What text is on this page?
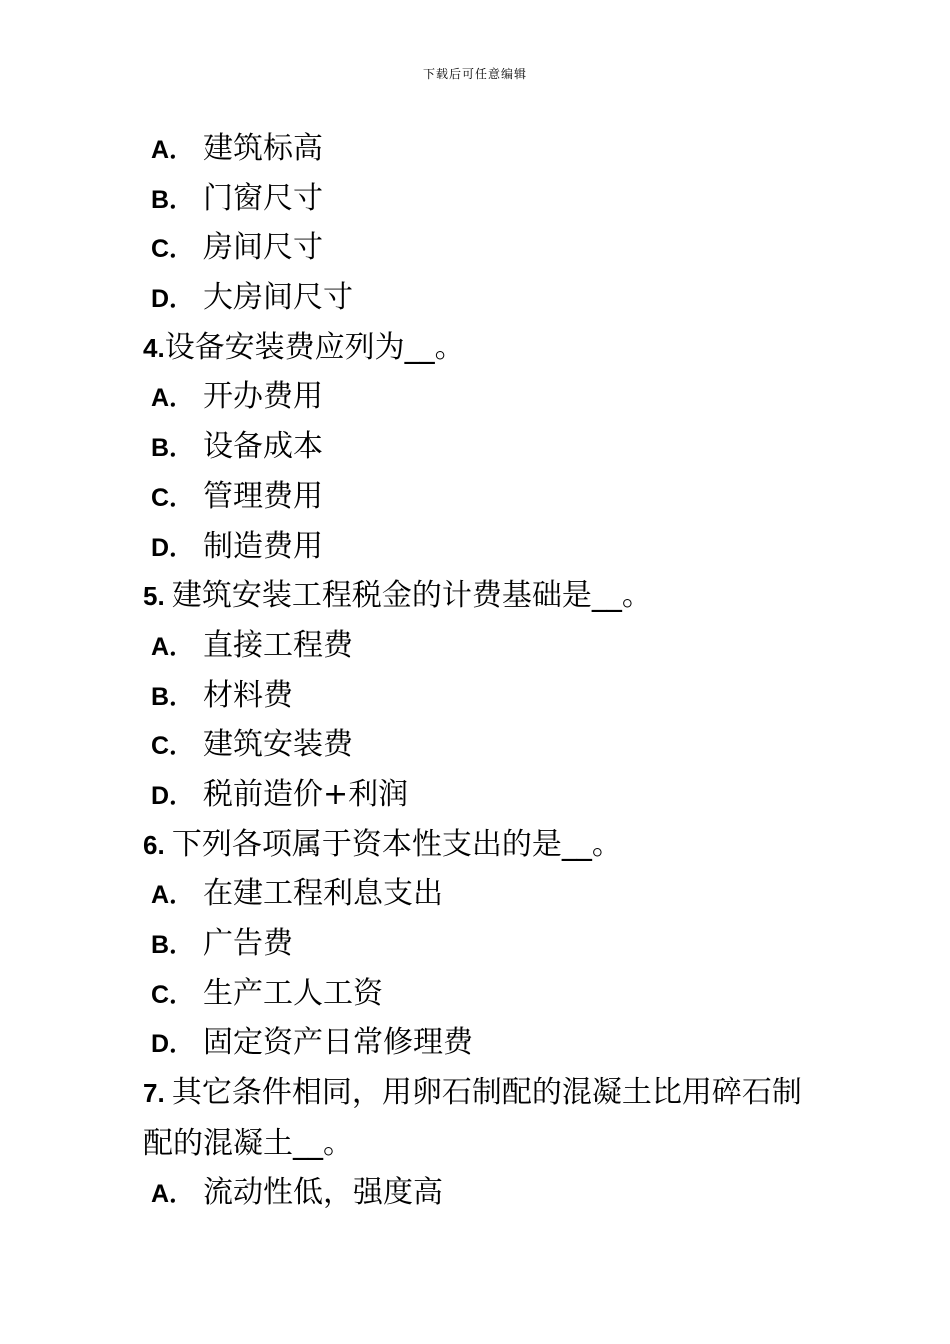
下载后可任意编辑
A． 建筑标高
B． 门窗尺寸
C． 房间尺寸
D． 大房间尺寸
4.设备安装费应列为__。
A． 开办费用
B． 设备成本
C． 管理费用
D． 制造费用
5. 建筑安装工程税金的计费基础是__。
A． 直接工程费
B． 材料费
C． 建筑安装费
D． 税前造价+利润
6. 下列各项属于资本性支出的是__。
A． 在建工程利息支出
B． 广告费
C． 生产工人工资
D． 固定资产日常修理费
7. 其它条件相同，用卵石制配的混凝土比用碎石制配的混凝土__。
A． 流动性低，强度高
